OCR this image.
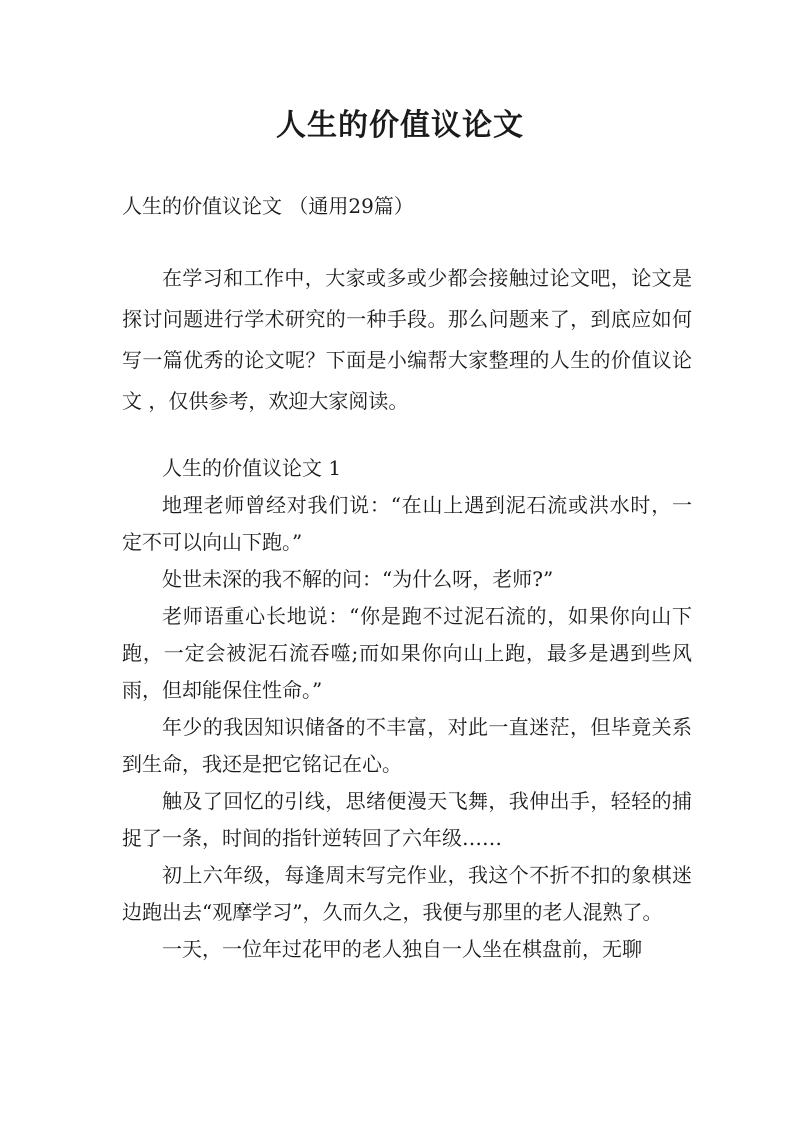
人生的价值议论文
人生的价值议论文 （通用29篇）

在学习和工作中，大家或多或少都会接触过论文吧，论文是探讨问题进行学术研究的一种手段。那么问题来了，到底应如何写一篇优秀的论文呢？下面是小编帮大家整理的人生的价值议论文 ，仅供参考，欢迎大家阅读。

人生的价值议论文 1

地理老师曾经对我们说：“在山上遇到泥石流或洪水时，一定不可以向山下跑。”

处世未深的我不解的问：“为什么呀，老师?”

老师语重心长地说：“你是跑不过泥石流的，如果你向山下跑，一定会被泥石流吞噬;而如果你向山上跑，最多是遇到些风雨，但却能保住性命。”

年少的我因知识储备的不丰富，对此一直迷茫，但毕竟关系到生命，我还是把它铭记在心。

触及了回忆的引线，思绪便漫天飞舞，我伸出手，轻轻的捕捉了一条，时间的指针逆转回了六年级……

初上六年级，每逢周末写完作业，我这个不折不扣的象棋迷边跑出去“观摩学习”，久而久之，我便与那里的老人混熟了。

一天，一位年过花甲的老人独自一人坐在棋盘前，无聊
